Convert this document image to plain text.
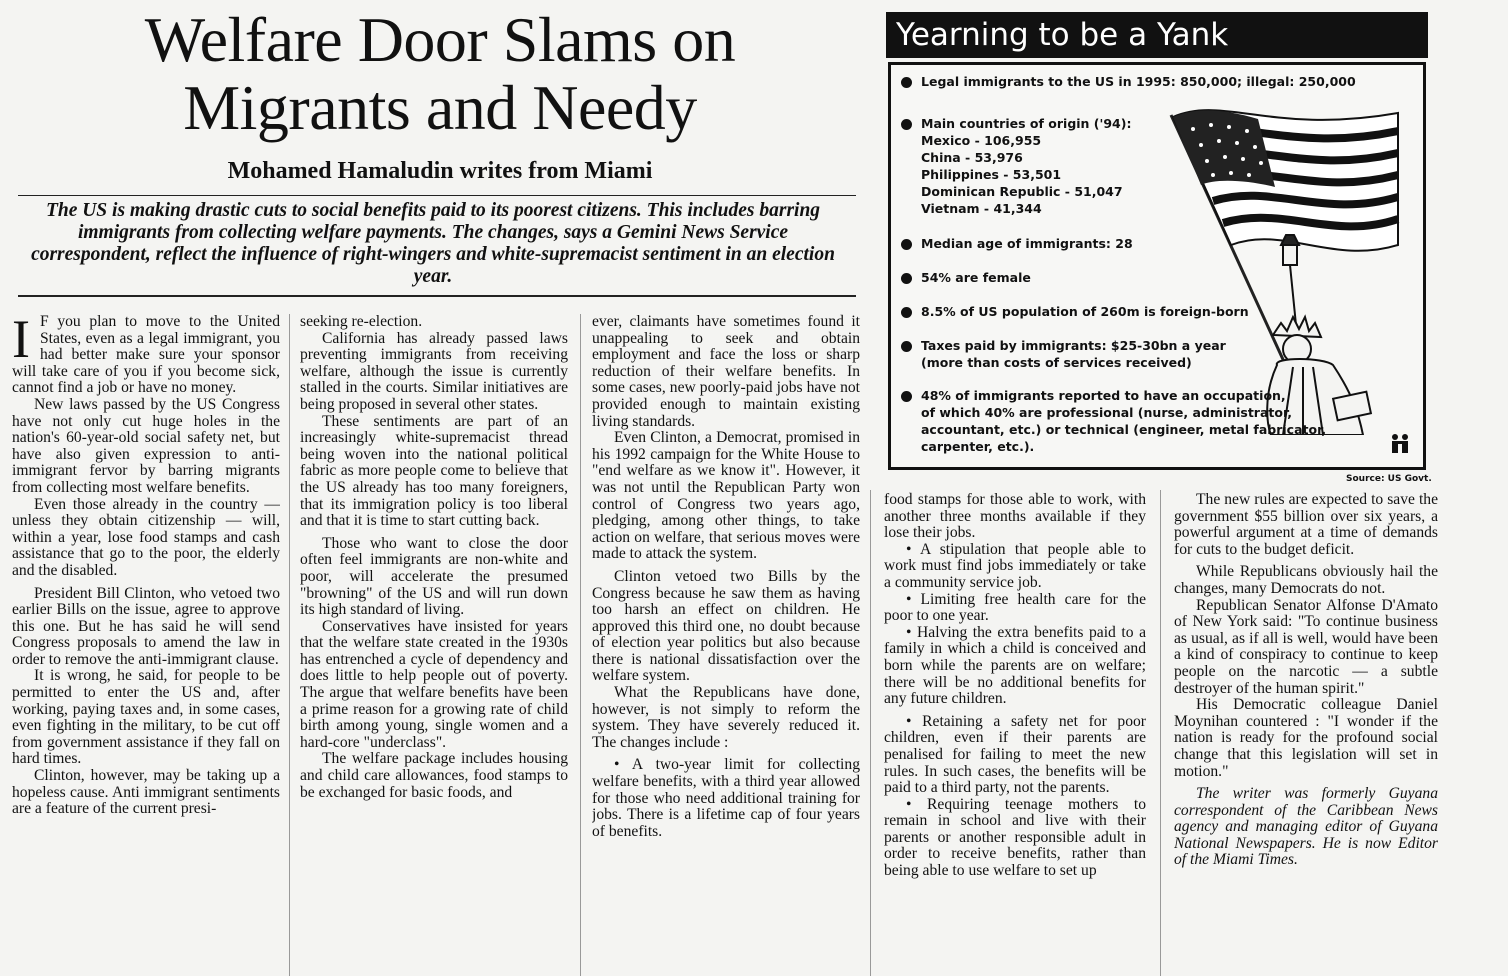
Welfare Door Slams on
Migrants and Needy

Mohamed Hamaludin writes from Miami

The US is making drastic cuts to social benefits paid to its poorest citizens. This includes barring immigrants from collecting welfare payments. The changes, says a Gemini News Service correspondent, reflect the influence of right-wingers and white-supremacist sentiment in an election year.

I F you plan to move to the United States, even as a legal immigrant, you had better make sure your sponsor will take care of you if you become sick, cannot find a job or have no money.

New laws passed by the US Congress have not only cut huge holes in the nation's 60-year-old social safety net, but have also given expression to anti-immigrant fervor by barring migrants from collecting most welfare benefits.

Even those already in the country — unless they obtain citizenship — will, within a year, lose food stamps and cash assistance that go to the poor, the elderly and the disabled.

President Bill Clinton, who vetoed two earlier Bills on the issue, agree to approve this one. But he has said he will send Congress proposals to amend the law in order to remove the anti-immigrant clause.

It is wrong, he said, for people to be permitted to enter the US and, after working, paying taxes and, in some cases, even fighting in the military, to be cut off from government assistance if they fall on hard times.

Clinton, however, may be taking up a hopeless cause. Anti immigrant sentiments are a feature of the current presi-

seeking re-election.

California has already passed laws preventing immigrants from receiving welfare, although the issue is currently stalled in the courts. Similar initiatives are being proposed in several other states.

These sentiments are part of an increasingly white-supremacist thread being woven into the national political fabric as more people come to believe that the US already has too many foreigners, that its immigration policy is too liberal and that it is time to start cutting back.

Those who want to close the door often feel immigrants are non-white and poor, will accelerate the presumed "browning" of the US and will run down its high standard of living.

Conservatives have insisted for years that the welfare state created in the 1930s has entrenched a cycle of dependency and does little to help people out of poverty. The argue that welfare benefits have been a prime reason for a growing rate of child birth among young, single women and a hard-core "underclass".

The welfare package includes housing and child care allowances, food stamps to be exchanged for basic foods, and

ever, claimants have sometimes found it unappealing to seek and obtain employment and face the loss or sharp reduction of their welfare benefits. In some cases, new poorly-paid jobs have not provided enough to maintain existing living standards.

Even Clinton, a Democrat, promised in his 1992 campaign for the White House to "end welfare as we know it". However, it was not until the Republican Party won control of Congress two years ago, pledging, among other things, to take action on welfare, that serious moves were made to attack the system.

Clinton vetoed two Bills by the Congress because he saw them as having too harsh an effect on children. He approved this third one, no doubt because of election year politics but also because there is national dissatisfaction over the welfare system.

What the Republicans have done, however, is not simply to reform the system. They have severely reduced it. The changes include :

• A two-year limit for collecting welfare benefits, with a third year allowed for those who need additional training for jobs. There is a lifetime cap of four years of benefits.

food stamps for those able to work, with another three months available if they lose their jobs.

• A stipulation that people able to work must find jobs immediately or take a community service job.

• Limiting free health care for the poor to one year.

• Halving the extra benefits paid to a family in which a child is conceived and born while the parents are on welfare; there will be no additional benefits for any future children.

• Retaining a safety net for poor children, even if their parents are penalised for failing to meet the new rules. In such cases, the benefits will be paid to a third party, not the parents.

• Requiring teenage mothers to remain in school and live with their parents or another responsible adult in order to receive benefits, rather than being able to use welfare to set up

The new rules are expected to save the government $55 billion over six years, a powerful argument at a time of demands for cuts to the budget deficit.

While Republicans obviously hail the changes, many Democrats do not.

Republican Senator Alfonse D'Amato of New York said: "To continue business as usual, as if all is well, would have been a kind of conspiracy to continue to keep people on the narcotic — a subtle destroyer of the human spirit."

His Democratic colleague Daniel Moynihan countered : "I wonder if the nation is ready for the profound social change that this legislation will set in motion."

The writer was formerly Guyana correspondent of the Caribbean News agency and managing editor of Guyana National Newspapers. He is now Editor of the Miami Times.

Yearning to be a Yank
Legal immigrants to the US in 1995: 850,000; illegal: 250,000
Main countries of origin ('94):
Mexico - 106,955
China - 53,976
Philippines - 53,501
Dominican Republic - 51,047
Vietnam - 41,344
Median age of immigrants: 28
54% are female
8.5% of US population of 260m is foreign-born
Taxes paid by immigrants: $25-30bn a year
(more than costs of services received)
48% of immigrants reported to have an occupation,
of which 40% are professional (nurse, administrator,
accountant, etc.) or technical (engineer, metal fabricator,
carpenter, etc.).
Source: US Govt.
